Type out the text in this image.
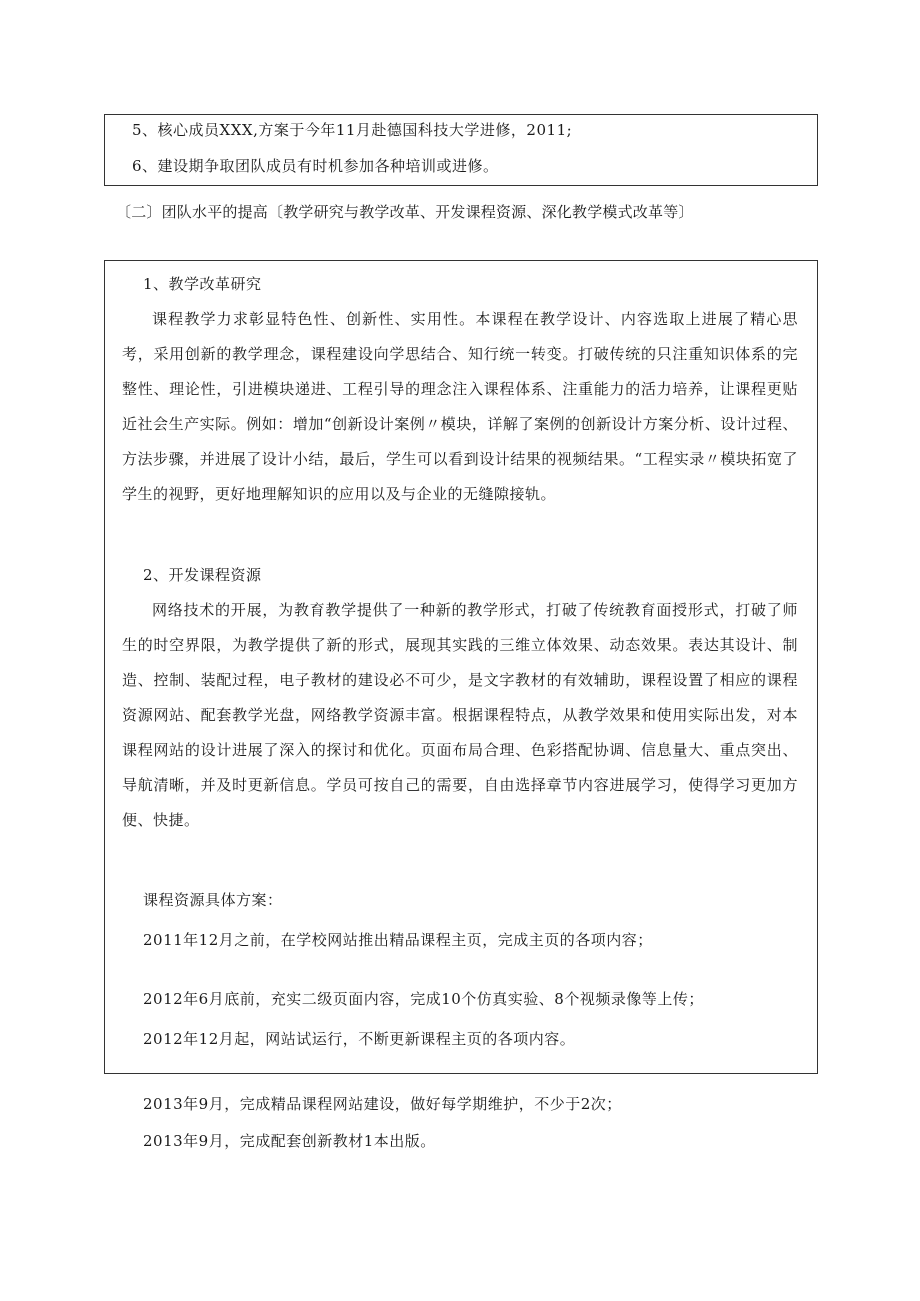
5、核心成员XXX,方案于今年11月赴德国科技大学进修，2011;
6、建设期争取团队成员有时机参加各种培训或进修。
〔二〕团队水平的提高〔教学研究与教学改革、开发课程资源、深化教学模式改革等〕
1、教学改革研究

课程教学力求彰显特色性、创新性、实用性。本课程在教学设计、内容选取上进展了精心思考，采用创新的教学理念，课程建设向学思结合、知行统一转变。打破传统的只注重知识体系的完整性、理论性，引进模块递进、工程引导的理念注入课程体系、注重能力的活力培养，让课程更贴近社会生产实际。例如：增加“创新设计案例〃模块，详解了案例的创新设计方案分析、设计过程、方法步骤，并进展了设计小结，最后，学生可以看到设计结果的视频结果。“工程实录〃模块拓宽了学生的视野，更好地理解知识的应用以及与企业的无缝隙接轨。

2、开发课程资源

网络技术的开展，为教育教学提供了一种新的教学形式，打破了传统教育面授形式，打破了师生的时空界限，为教学提供了新的形式，展现其实践的三维立体效果、动态效果。表达其设计、制造、控制、装配过程，电子教材的建设必不可少，是文字教材的有效辅助，课程设置了相应的课程资源网站、配套教学光盘，网络教学资源丰富。根据课程特点，从教学效果和使用实际出发，对本课程网站的设计进展了深入的探讨和优化。页面布局合理、色彩搭配协调、信息量大、重点突出、导航清晰，并及时更新信息。学员可按自己的需要，自由选择章节内容进展学习，使得学习更加方便、快捷。

课程资源具体方案：
2011年12月之前，在学校网站推出精品课程主页，完成主页的各项内容；
2012年6月底前，充实二级页面内容，完成10个仿真实验、8个视频录像等上传；
2012年12月起，网站试运行，不断更新课程主页的各项内容。
2013年9月，完成精品课程网站建设，做好每学期维护，不少于2次；
2013年9月，完成配套创新教材1本出版。
